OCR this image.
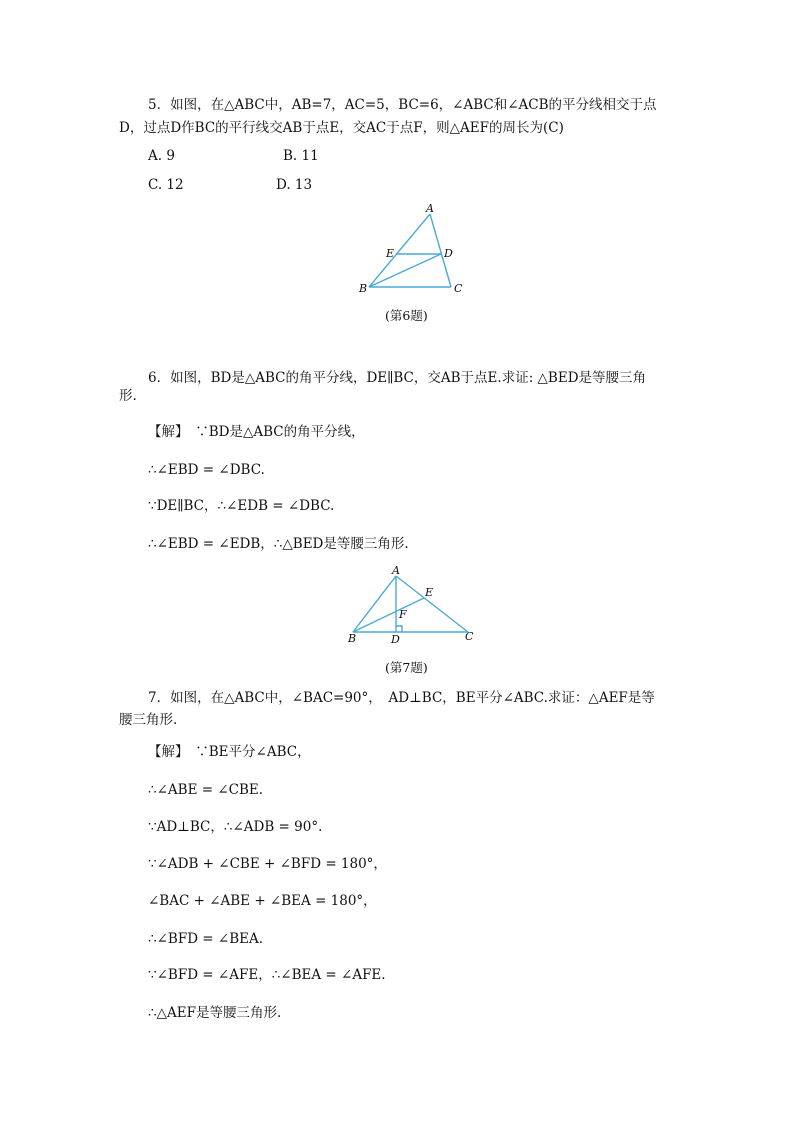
5．如图，在△ABC中，AB=7，AC=5，BC=6，∠ABC和∠ACB的平分线相交于点
D，过点D作BC的平行线交AB于点E，交AC于点F，则△AEF的周长为(C)
A. 9	B. 11
C. 12	D. 13
A
E	D
B	C
A
E
F
B	D	C
(第6题)
6．如图，BD是△ABC的角平分线，DE∥BC，交AB于点E.求证: △BED是等腰三角
形.
【解】　∵BD是△ABC的角平分线，
∴∠EBD = ∠DBC.
∵DE∥BC，∴∠EDB = ∠DBC.
∴∠EBD = ∠EDB，∴△BED是等腰三角形.
(第7题)
7．如图，在△ABC中，∠BAC=90°，　AD⊥BC，BE平分∠ABC.求证：△AEF是等
腰三角形.
【解】　∵BE平分∠ABC，
∴∠ABE = ∠CBE.
∵AD⊥BC，∴∠ADB = 90°.
∵∠ADB + ∠CBE + ∠BFD = 180°，
∠BAC + ∠ABE + ∠BEA = 180°，
∴∠BFD = ∠BEA.
∵∠BFD = ∠AFE，∴∠BEA = ∠AFE.
∴△AEF是等腰三角形.
